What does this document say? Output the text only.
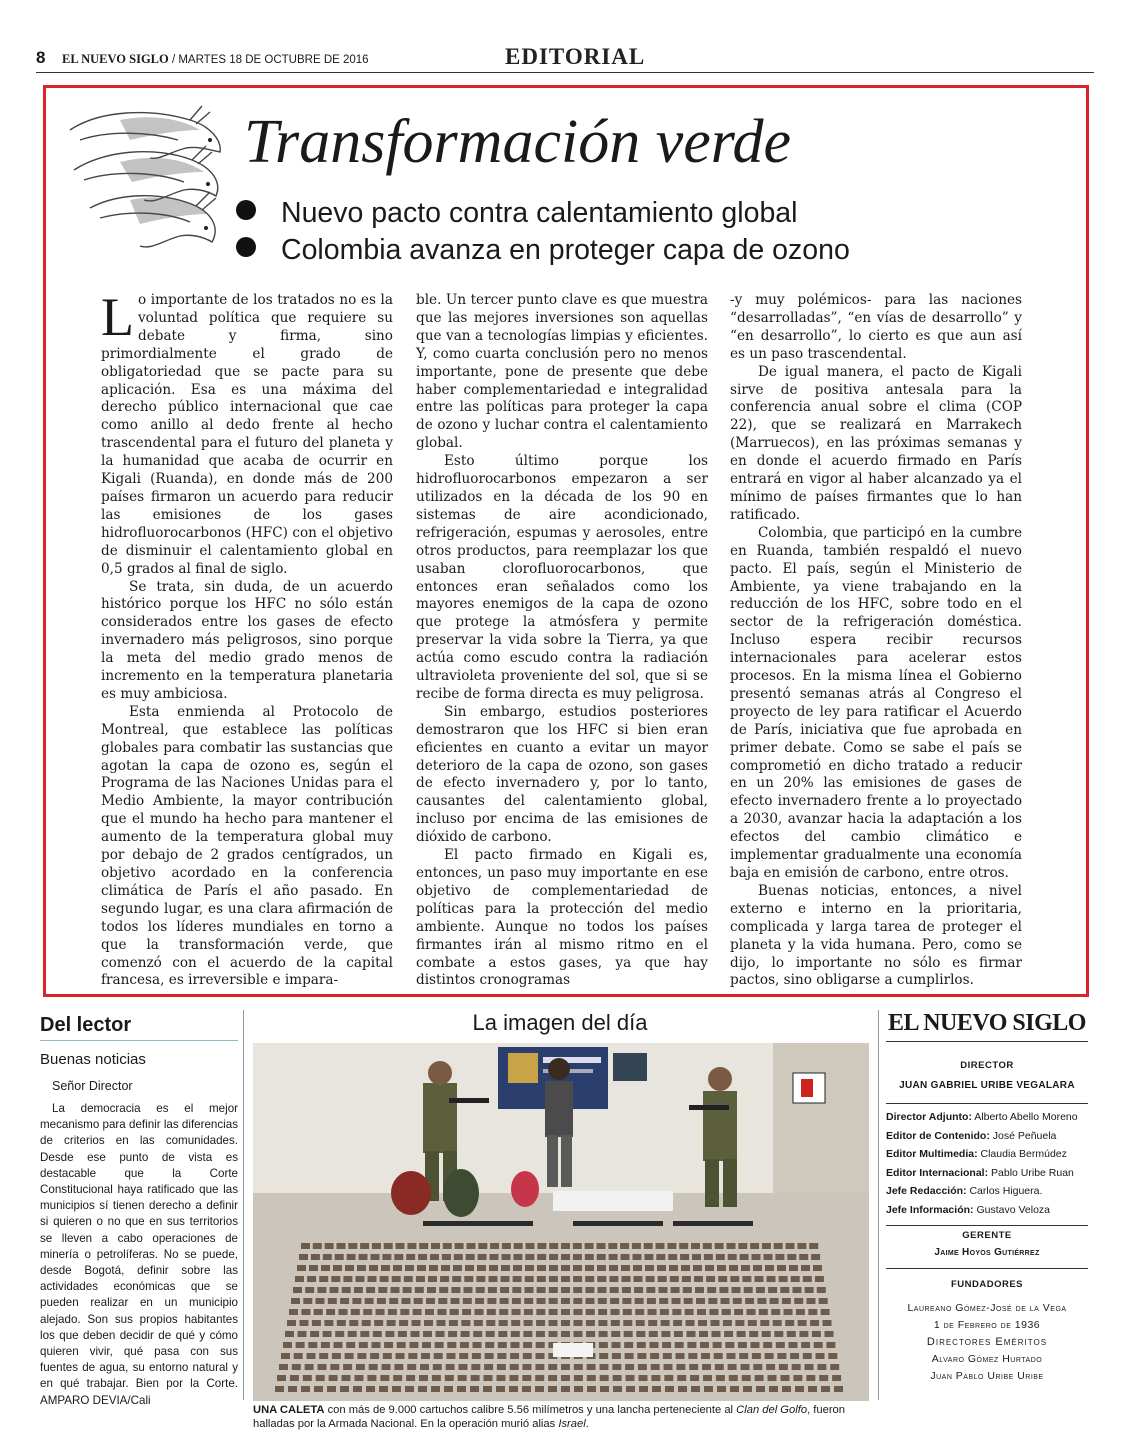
8 EL NUEVO SIGLO / MARTES 18 DE OCTUBRE DE 2016	EDITORIAL
Transformación verde
Nuevo pacto contra calentamiento global
Colombia avanza en proteger capa de ozono

Lo importante de los tratados no es la voluntad política que requiere su debate y firma, sino primordialmente el grado de obligatoriedad que se pacte para su aplicación. Esa es una máxima del derecho público internacional que cae como anillo al dedo frente al hecho trascendental para el futuro del planeta y la humanidad que acaba de ocurrir en Kigali (Ruanda), en donde más de 200 países firmaron un acuerdo para reducir las emisiones de los gases hidrofluorocarbonos (HFC) con el objetivo de disminuir el calentamiento global en 0,5 grados al final de siglo.

Se trata, sin duda, de un acuerdo histórico porque los HFC no sólo están considerados entre los gases de efecto invernadero más peligrosos, sino porque la meta del medio grado menos de incremento en la temperatura planetaria es muy ambiciosa.

Esta enmienda al Protocolo de Montreal, que establece las políticas globales para combatir las sustancias que agotan la capa de ozono es, según el Programa de las Naciones Unidas para el Medio Ambiente, la mayor contribución que el mundo ha hecho para mantener el aumento de la temperatura global muy por debajo de 2 grados centígrados, un objetivo acordado en la conferencia climática de París el año pasado. En segundo lugar, es una clara afirmación de todos los líderes mundiales en torno a que la transformación verde, que comenzó con el acuerdo de la capital francesa, es irreversible e impara-

ble. Un tercer punto clave es que muestra que las mejores inversiones son aquellas que van a tecnologías limpias y eficientes. Y, como cuarta conclusión pero no menos importante, pone de presente que debe haber complementariedad e integralidad entre las políticas para proteger la capa de ozono y luchar contra el calentamiento global.

Esto último porque los hidrofluorocarbonos empezaron a ser utilizados en la década de los 90 en sistemas de aire acondicionado, refrigeración, espumas y aerosoles, entre otros productos, para reemplazar los que usaban clorofluorocarbonos, que entonces eran señalados como los mayores enemigos de la capa de ozono que protege la atmósfera y permite preservar la vida sobre la Tierra, ya que actúa como escudo contra la radiación ultravioleta proveniente del sol, que si se recibe de forma directa es muy peligrosa.

Sin embargo, estudios posteriores demostraron que los HFC si bien eran eficientes en cuanto a evitar un mayor deterioro de la capa de ozono, son gases de efecto invernadero y, por lo tanto, causantes del calentamiento global, incluso por encima de las emisiones de dióxido de carbono.

El pacto firmado en Kigali es, entonces, un paso muy importante en ese objetivo de complementariedad de políticas para la protección del medio ambiente. Aunque no todos los países firmantes irán al mismo ritmo en el combate a estos gases, ya que hay distintos cronogramas

-y muy polémicos- para las naciones “desarrolladas”, “en vías de desarrollo” y “en desarrollo”, lo cierto es que aun así es un paso trascendental.

De igual manera, el pacto de Kigali sirve de positiva antesala para la conferencia anual sobre el clima (COP 22), que se realizará en Marrakech (Marruecos), en las próximas semanas y en donde el acuerdo firmado en París entrará en vigor al haber alcanzado ya el mínimo de países firmantes que lo han ratificado.

Colombia, que participó en la cumbre en Ruanda, también respaldó el nuevo pacto. El país, según el Ministerio de Ambiente, ya viene trabajando en la reducción de los HFC, sobre todo en el sector de la refrigeración doméstica. Incluso espera recibir recursos internacionales para acelerar estos procesos. En la misma línea el Gobierno presentó semanas atrás al Congreso el proyecto de ley para ratificar el Acuerdo de París, iniciativa que fue aprobada en primer debate. Como se sabe el país se comprometió en dicho tratado a reducir en un 20% las emisiones de gases de efecto invernadero frente a lo proyectado a 2030, avanzar hacia la adaptación a los efectos del cambio climático e implementar gradualmente una economía baja en emisión de carbono, entre otros.

Buenas noticias, entonces, a nivel externo e interno en la prioritaria, complicada y larga tarea de proteger el planeta y la vida humana. Pero, como se dijo, lo importante no sólo es firmar pactos, sino obligarse a cumplirlos.

Del lector
Buenas noticias
Señor Director
La democracia es el mejor mecanismo para definir las diferencias de criterios en las comunidades. Desde ese punto de vista es destacable que la Corte Constitucional haya ratificado que las municipios sí tienen derecho a definir si quieren o no que en sus territorios se lleven a cabo operaciones de minería o petrolíferas. No se puede, desde Bogotá, definir sobre las actividades económicas que se pueden realizar en un municipio alejado. Son sus propios habitantes los que deben decidir de qué y cómo quieren vivir, qué pasa con sus fuentes de agua, su entorno natural y en qué trabajar. Bien por la Corte. AMPARO DEVIA/Cali
La imagen del día
UNA CALETA con más de 9.000 cartuchos calibre 5.56 milímetros y una lancha perteneciente al Clan del Golfo, fueron halladas por la Armada Nacional. En la operación murió alias Israel.
EL NUEVO SIGLO
DIRECTOR
JUAN GABRIEL URIBE VEGALARA
Director Adjunto: Alberto Abello Moreno
Editor de Contenido: José Peñuela
Editor Multimedia: Claudia Bermúdez
Editor Internacional: Pablo Uribe Ruan
Jefe Redacción: Carlos Higuera.
Jefe Información: Gustavo Veloza
GERENTE
Jaime Hoyos Gutiérrez
FUNDADORES
Laureano Gómez-José de la Vega
1 de Febrero de 1936
Directores Eméritos
Alvaro Gómez Hurtado
Juan Pablo Uribe Uribe
